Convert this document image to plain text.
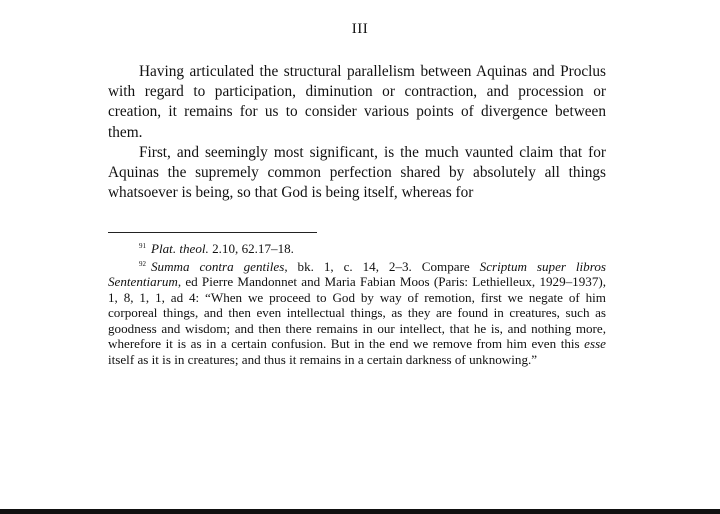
III

Having articulated the structural parallelism between Aquinas and Proclus with regard to participation, diminution or contraction, and procession or creation, it remains for us to consider various points of divergence between them.

First, and seemingly most significant, is the much vaunted claim that for Aquinas the supremely common perfection shared by absolutely all things whatsoever is being, so that God is being itself, whereas for

$^{91}$ Plat. theol. 2.10, 62.17–18.

$^{92}$ Summa contra gentiles, bk. 1, c. 14, 2–3. Compare Scriptum super libros Sententiarum, ed Pierre Mandonnet and Maria Fabian Moos (Paris: Lethielleux, 1929–1937), 1, 8, 1, 1, ad 4: “When we proceed to God by way of remotion, first we negate of him corporeal things, and then even intellectual things, as they are found in creatures, such as goodness and wisdom; and then there remains in our intellect, that he is, and nothing more, wherefore it is as in a certain confusion. But in the end we remove from him even this esse itself as it is in creatures; and thus it remains in a certain darkness of unknowing.”
